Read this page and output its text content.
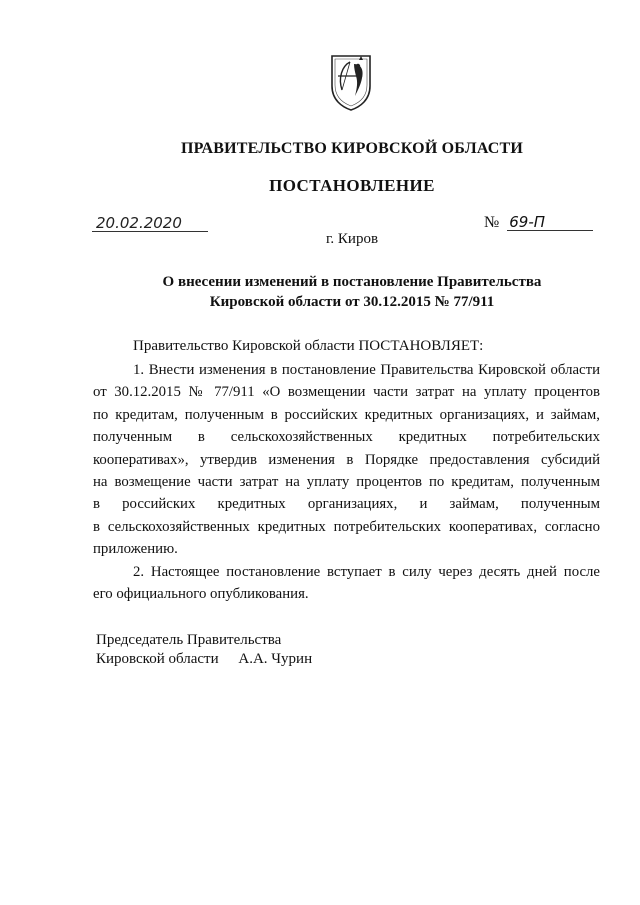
ПРАВИТЕЛЬСТВО КИРОВСКОЙ ОБЛАСТИ
ПОСТАНОВЛЕНИЕ
20.02.2020	№ 69-П
г. Киров
О внесении изменений в постановление Правительства
Кировской области от 30.12.2015 № 77/911
Правительство Кировской области ПОСТАНОВЛЯЕТ:
1. Внести изменения в постановление Правительства Кировской области
от 30.12.2015 № 77/911 «О возмещении части затрат на уплату процентов
по кредитам, полученным в российских кредитных организациях, и займам,
полученным в сельскохозяйственных кредитных потребительских
кооперативах», утвердив изменения в Порядке предоставления субсидий
на возмещение части затрат на уплату процентов по кредитам, полученным
в российских кредитных организациях, и займам, полученным
в сельскохозяйственных кредитных потребительских кооперативах, согласно
приложению.
2. Настоящее постановление вступает в силу через десять дней после
его официального опубликования.
Председатель Правительства
Кировской области А.А. Чурин
